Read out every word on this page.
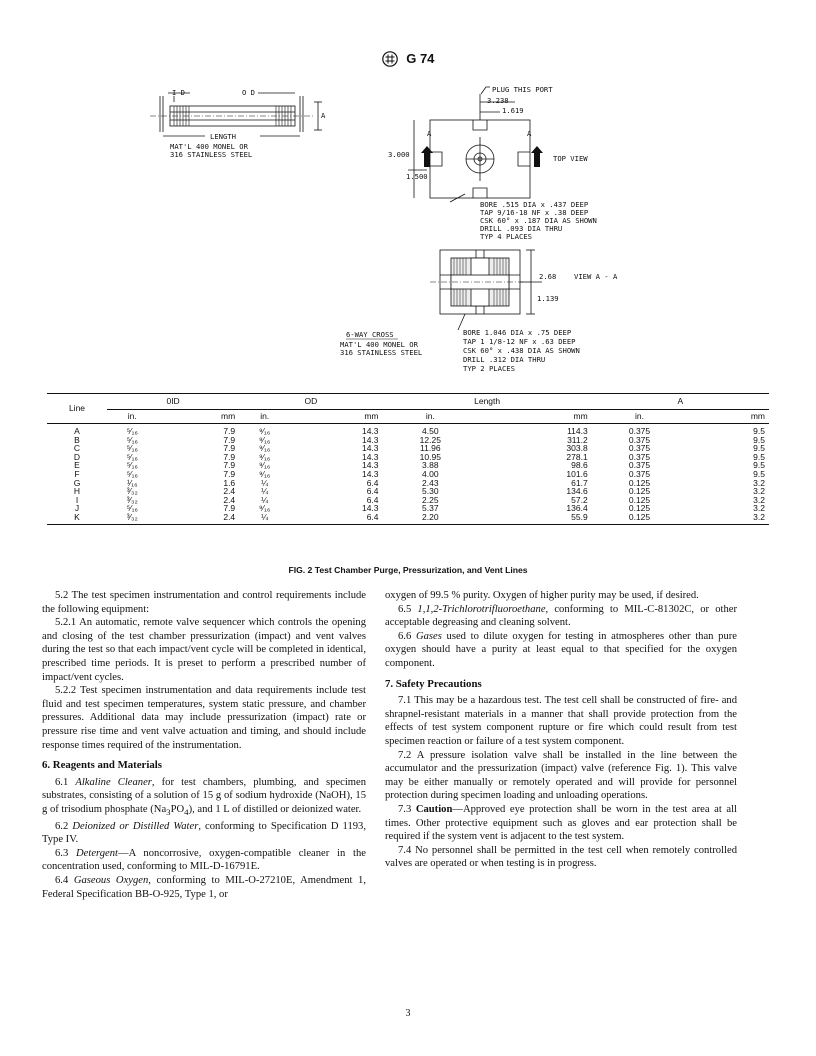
G 74
I D	O D
A
LENGTH
MAT'L 400 MONEL OR
316 STAINLESS STEEL
PLUG THIS PORT
3.238
1.619
3.000
1.500
TOP VIEW
A	A
BORE .515 DIA x .437 DEEP
TAP 9/16-18 NF x .38 DEEP
CSK 60° x .187 DIA AS SHOWN
DRILL .093 DIA THRU
TYP 4 PLACES
2.68 VIEW A - A
1.139
6-WAY CROSS
MAT'L 400 MONEL OR
316 STAINLESS STEEL
BORE 1.046 DIA x .75 DEEP
TAP 1 1/8-12 NF x .63 DEEP
CSK 60° x .438 DIA AS SHOWN
DRILL .312 DIA THRU
TYP 2 PLACES
Line	0ID		OD		Length		A	
	in.	mm	in.	mm	in.	mm	in.	mm
A	⁵⁄₁₆	7.9	⁹⁄₁₆	14.3	4.50	114.3	0.375	9.5
B	⁵⁄₁₆	7.9	⁹⁄₁₆	14.3	12.25	311.2	0.375	9.5
C	⁵⁄₁₆	7.9	⁹⁄₁₆	14.3	11.96	303.8	0.375	9.5
D	⁵⁄₁₆	7.9	⁹⁄₁₆	14.3	10.95	278.1	0.375	9.5
E	⁵⁄₁₆	7.9	⁹⁄₁₆	14.3	3.88	98.6	0.375	9.5
F	⁵⁄₁₆	7.9	⁹⁄₁₆	14.3	4.00	101.6	0.375	9.5
G	¹⁄₁₆	1.6	¼	6.4	2.43	61.7	0.125	3.2
H	³⁄₃₂	2.4	¼	6.4	5.30	134.6	0.125	3.2
I	³⁄₃₂	2.4	¼	6.4	2.25	57.2	0.125	3.2
J	⁵⁄₁₆	7.9	⁹⁄₁₆	14.3	5.37	136.4	0.125	3.2
K	³⁄₃₂	2.4	¼	6.4	2.20	55.9	0.125	3.2
FIG. 2 Test Chamber Purge, Pressurization, and Vent Lines

5.2 The test specimen instrumentation and control requirements include the following equipment:

5.2.1 An automatic, remote valve sequencer which controls the opening and closing of the test chamber pressurization (impact) and vent valves during the test so that each impact/vent cycle will be completed in identical, prescribed time periods. It is preset to perform a prescribed number of impact/vent cycles.

5.2.2 Test specimen instrumentation and data requirements include test fluid and test specimen temperatures, system static pressure, and chamber pressures. Additional data may include pressurization (impact) rate or pressure rise time and vent valve actuation and timing, and should include response times required of the instrumentation.

6. Reagents and Materials

6.1 Alkaline Cleaner, for test chambers, plumbing, and specimen substrates, consisting of a solution of 15 g of sodium hydroxide (NaOH), 15 g of trisodium phosphate $(Na_3PO_4)$, and 1 L of distilled or deionized water.

6.2 Deionized or Distilled Water, conforming to Specification D 1193, Type IV.

6.3 Detergent—A noncorrosive, oxygen-compatible cleaner in the concentration used, conforming to MIL-D-16791E.

6.4 Gaseous Oxygen, conforming to MIL-O-27210E, Amendment 1, Federal Specification BB-O-925, Type 1, or

oxygen of 99.5 % purity. Oxygen of higher purity may be used, if desired.

6.5 1,1,2-Trichlorotrifluoroethane, conforming to MIL-C-81302C, or other acceptable degreasing and cleaning solvent.

6.6 Gases used to dilute oxygen for testing in atmospheres other than pure oxygen should have a purity at least equal to that specified for the oxygen component.

7. Safety Precautions

7.1 This may be a hazardous test. The test cell shall be constructed of fire- and shrapnel-resistant materials in a manner that shall provide protection from the effects of test system component rupture or fire which could result from test specimen reaction or failure of a test system component.

7.2 A pressure isolation valve shall be installed in the line between the accumulator and the pressurization (impact) valve (reference Fig. 1). This valve may be either manually or remotely operated and will provide for personnel protection during specimen loading and unloading operations.

7.3 Caution—Approved eye protection shall be worn in the test area at all times. Other protective equipment such as gloves and ear protection shall be required if the system vent is adjacent to the test system.

7.4 No personnel shall be permitted in the test cell when remotely controlled valves are operated or when testing is in progress.

3
